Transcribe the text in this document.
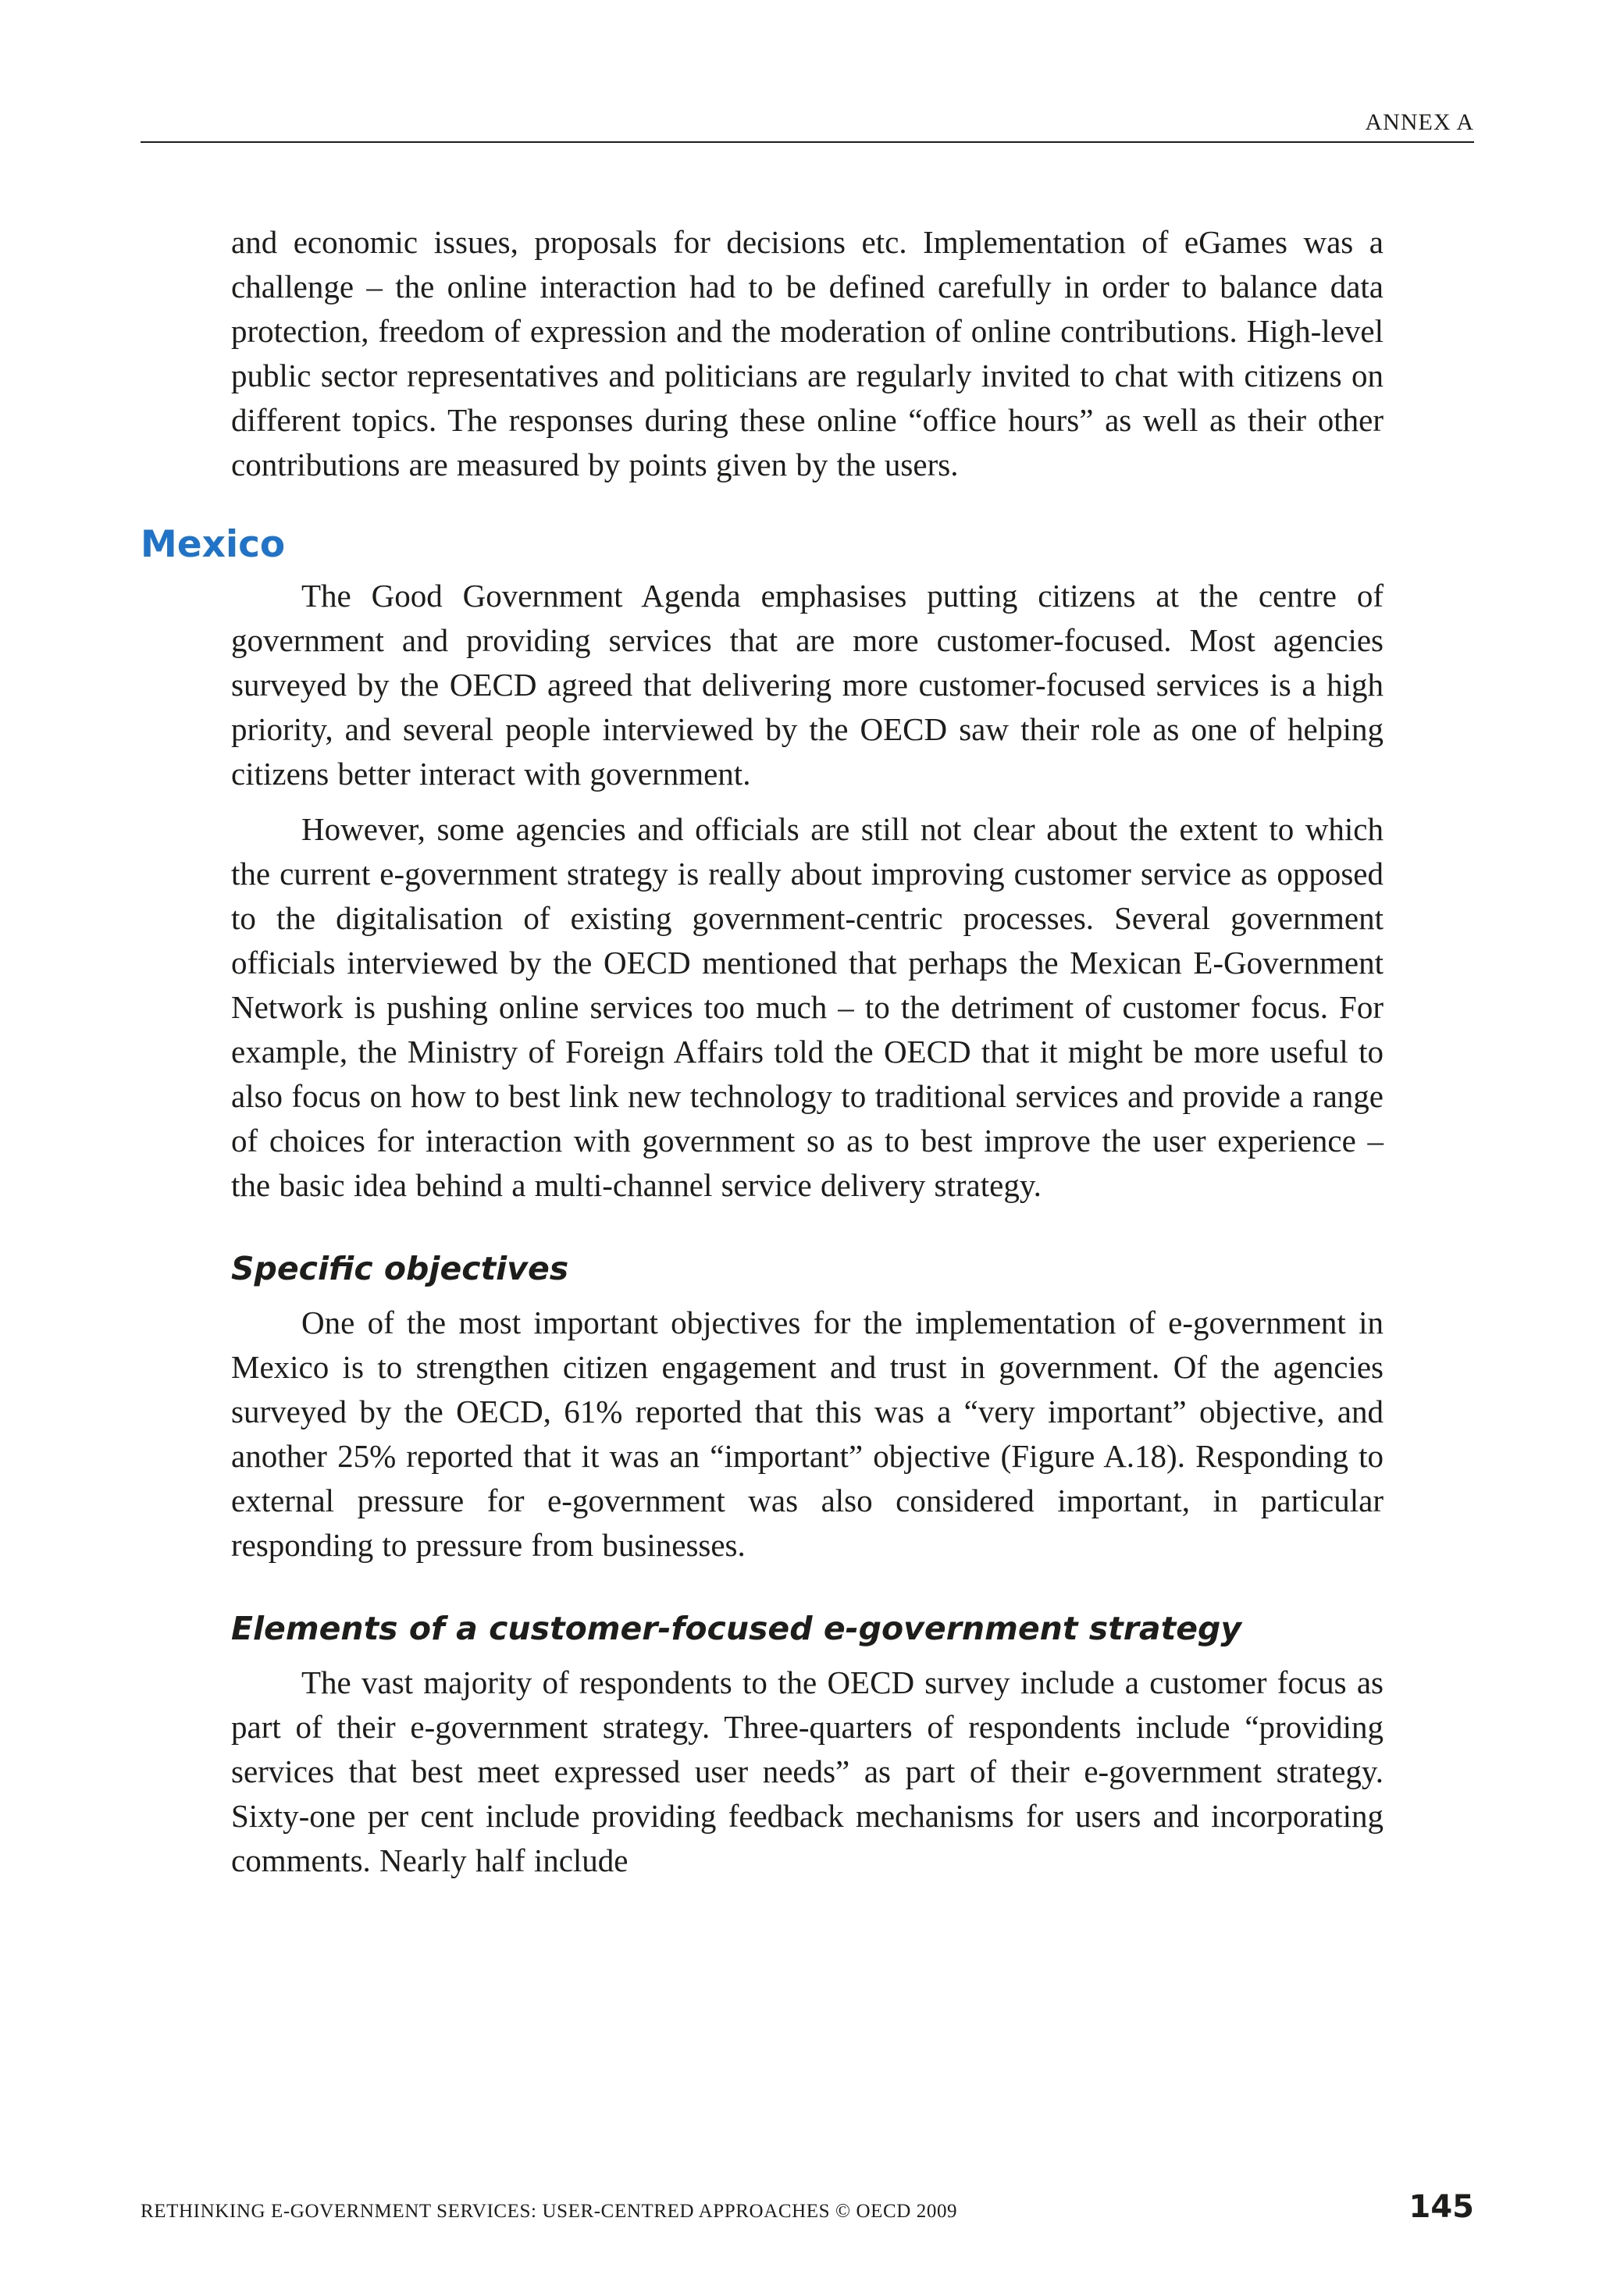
ANNEX A

and economic issues, proposals for decisions etc. Implementation of eGames was a challenge – the online interaction had to be defined carefully in order to balance data protection, freedom of expression and the moderation of online contributions. High-level public sector representatives and politicians are regularly invited to chat with citizens on different topics. The responses during these online “office hours” as well as their other contributions are measured by points given by the users.

Mexico

The Good Government Agenda emphasises putting citizens at the centre of government and providing services that are more customer-focused. Most agencies surveyed by the OECD agreed that delivering more customer-focused services is a high priority, and several people interviewed by the OECD saw their role as one of helping citizens better interact with government.

However, some agencies and officials are still not clear about the extent to which the current e-government strategy is really about improving customer service as opposed to the digitalisation of existing government-centric processes. Several government officials interviewed by the OECD mentioned that perhaps the Mexican E-Government Network is pushing online services too much – to the detriment of customer focus. For example, the Ministry of Foreign Affairs told the OECD that it might be more useful to also focus on how to best link new technology to traditional services and provide a range of choices for interaction with government so as to best improve the user experience – the basic idea behind a multi-channel service delivery strategy.

Specific objectives

One of the most important objectives for the implementation of e-government in Mexico is to strengthen citizen engagement and trust in government. Of the agencies surveyed by the OECD, 61% reported that this was a “very important” objective, and another 25% reported that it was an “important” objective (Figure A.18). Responding to external pressure for e-government was also considered important, in particular responding to pressure from businesses.

Elements of a customer-focused e-government strategy

The vast majority of respondents to the OECD survey include a customer focus as part of their e-government strategy. Three-quarters of respondents include “providing services that best meet expressed user needs” as part of their e-government strategy. Sixty-one per cent include providing feedback mechanisms for users and incorporating comments. Nearly half include

RETHINKING E-GOVERNMENT SERVICES: USER-CENTRED APPROACHES © OECD 2009	145
